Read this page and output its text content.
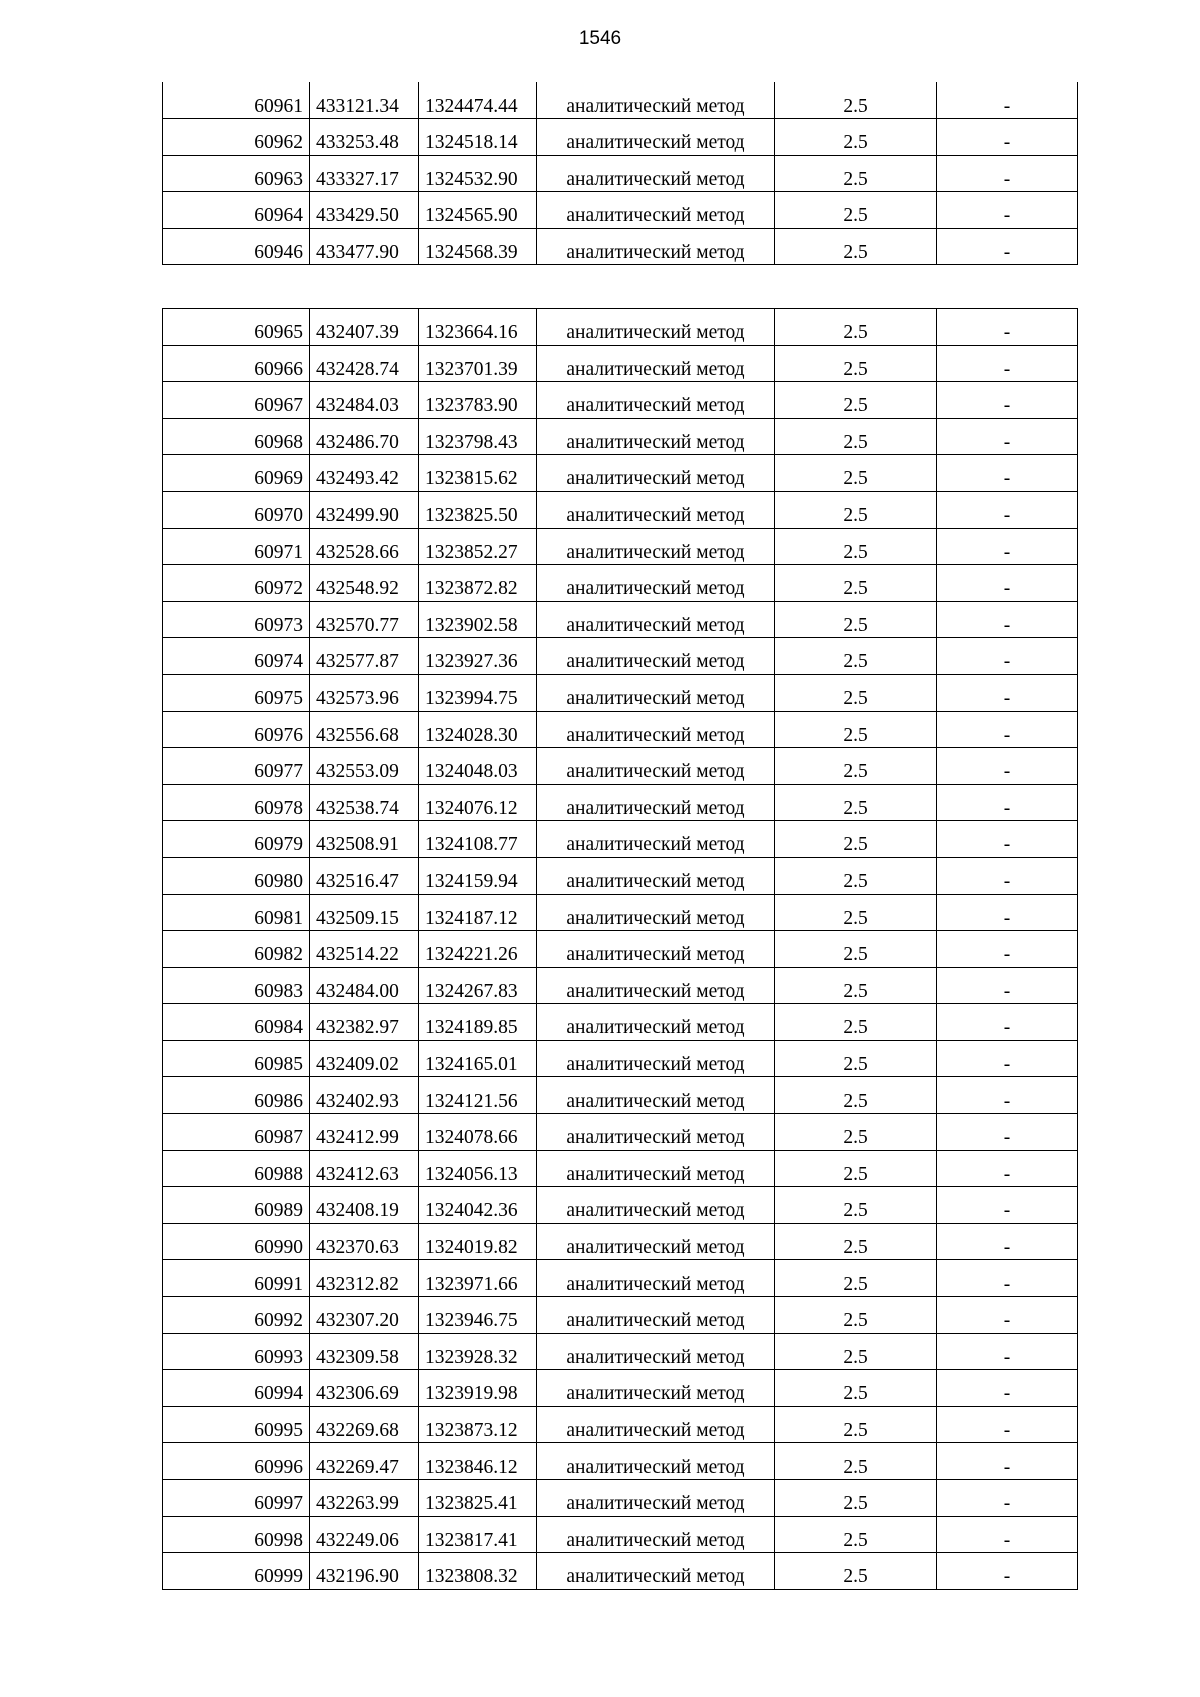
1546
60961	433121.34	1324474.44	аналитический метод	2.5	-
60962	433253.48	1324518.14	аналитический метод	2.5	-
60963	433327.17	1324532.90	аналитический метод	2.5	-
60964	433429.50	1324565.90	аналитический метод	2.5	-
60946	433477.90	1324568.39	аналитический метод	2.5	-
60965	432407.39	1323664.16	аналитический метод	2.5	-
60966	432428.74	1323701.39	аналитический метод	2.5	-
60967	432484.03	1323783.90	аналитический метод	2.5	-
60968	432486.70	1323798.43	аналитический метод	2.5	-
60969	432493.42	1323815.62	аналитический метод	2.5	-
60970	432499.90	1323825.50	аналитический метод	2.5	-
60971	432528.66	1323852.27	аналитический метод	2.5	-
60972	432548.92	1323872.82	аналитический метод	2.5	-
60973	432570.77	1323902.58	аналитический метод	2.5	-
60974	432577.87	1323927.36	аналитический метод	2.5	-
60975	432573.96	1323994.75	аналитический метод	2.5	-
60976	432556.68	1324028.30	аналитический метод	2.5	-
60977	432553.09	1324048.03	аналитический метод	2.5	-
60978	432538.74	1324076.12	аналитический метод	2.5	-
60979	432508.91	1324108.77	аналитический метод	2.5	-
60980	432516.47	1324159.94	аналитический метод	2.5	-
60981	432509.15	1324187.12	аналитический метод	2.5	-
60982	432514.22	1324221.26	аналитический метод	2.5	-
60983	432484.00	1324267.83	аналитический метод	2.5	-
60984	432382.97	1324189.85	аналитический метод	2.5	-
60985	432409.02	1324165.01	аналитический метод	2.5	-
60986	432402.93	1324121.56	аналитический метод	2.5	-
60987	432412.99	1324078.66	аналитический метод	2.5	-
60988	432412.63	1324056.13	аналитический метод	2.5	-
60989	432408.19	1324042.36	аналитический метод	2.5	-
60990	432370.63	1324019.82	аналитический метод	2.5	-
60991	432312.82	1323971.66	аналитический метод	2.5	-
60992	432307.20	1323946.75	аналитический метод	2.5	-
60993	432309.58	1323928.32	аналитический метод	2.5	-
60994	432306.69	1323919.98	аналитический метод	2.5	-
60995	432269.68	1323873.12	аналитический метод	2.5	-
60996	432269.47	1323846.12	аналитический метод	2.5	-
60997	432263.99	1323825.41	аналитический метод	2.5	-
60998	432249.06	1323817.41	аналитический метод	2.5	-
60999	432196.90	1323808.32	аналитический метод	2.5	-
